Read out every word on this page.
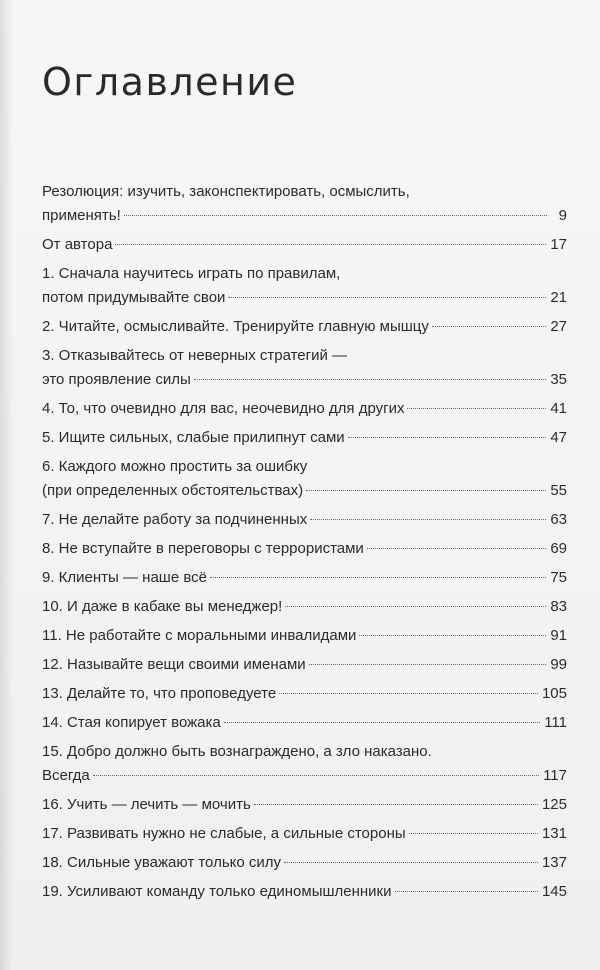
Оглавление
Резолюция: изучить, законспектировать, осмыслить,
применять!	9
От автора	17
1. Сначала научитесь играть по правилам,
потом придумывайте свои	21
2. Читайте, осмысливайте. Тренируйте главную мышцу	27
3. Отказывайтесь от неверных стратегий —
это проявление силы	35
4. То, что очевидно для вас, неочевидно для других	41
5. Ищите сильных, слабые прилипнут сами	47
6. Каждого можно простить за ошибку
(при определенных обстоятельствах)	55
7. Не делайте работу за подчиненных	63
8. Не вступайте в переговоры с террористами	69
9. Клиенты — наше всё	75
10. И даже в кабаке вы менеджер!	83
11. Не работайте с моральными инвалидами	91
12. Называйте вещи своими именами	99
13. Делайте то, что проповедуете	105
14. Стая копирует вожака	111
15. Добро должно быть вознаграждено, а зло наказано.
Всегда	117
16. Учить — лечить — мочить	125
17. Развивать нужно не слабые, а сильные стороны	131
18. Сильные уважают только силу	137
19. Усиливают команду только единомышленники	145
